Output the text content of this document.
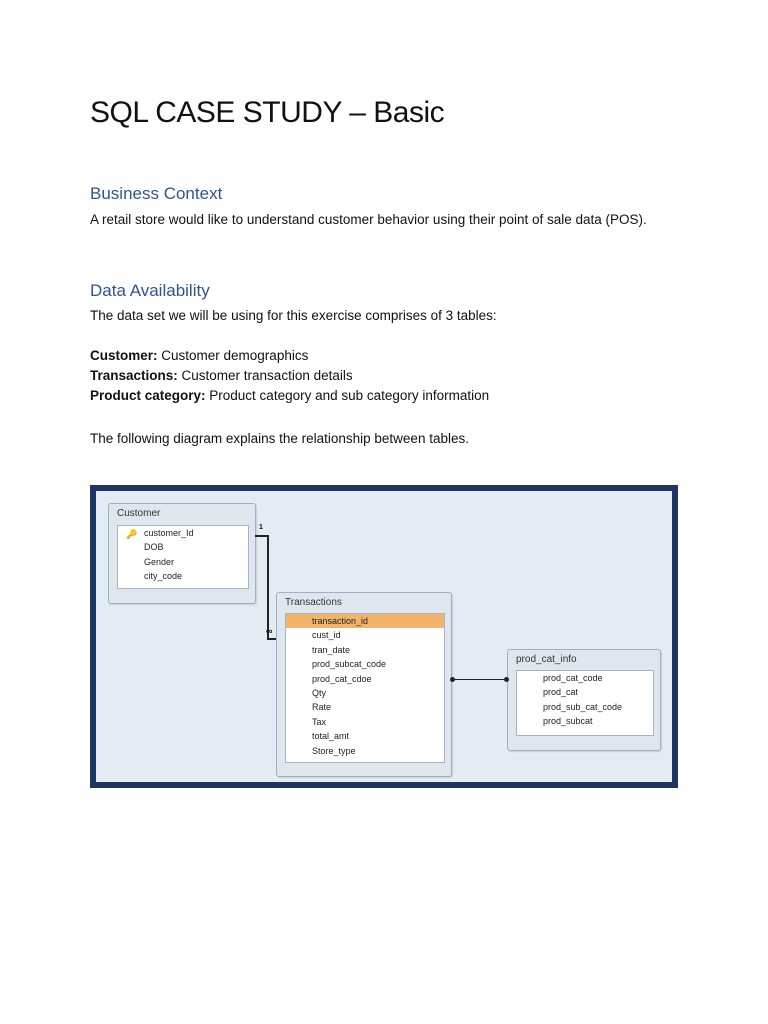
SQL CASE STUDY – Basic
Business Context

A retail store would like to understand customer behavior using their point of sale data (POS).

Data Availability

The data set we will be using for this exercise comprises of 3 tables:

Customer: Customer demographics
Transactions: Customer transaction details
Product category: Product category and sub category information

The following diagram explains the relationship between tables.

Customer
🔑 customer_Id
DOB
Gender
city_code
Transactions
transaction_id
cust_id
tran_date
prod_subcat_code
prod_cat_cdoe
Qty
Rate
Tax
total_amt
Store_type
prod_cat_info
prod_cat_code
prod_cat
prod_sub_cat_code
prod_subcat
1
∞
